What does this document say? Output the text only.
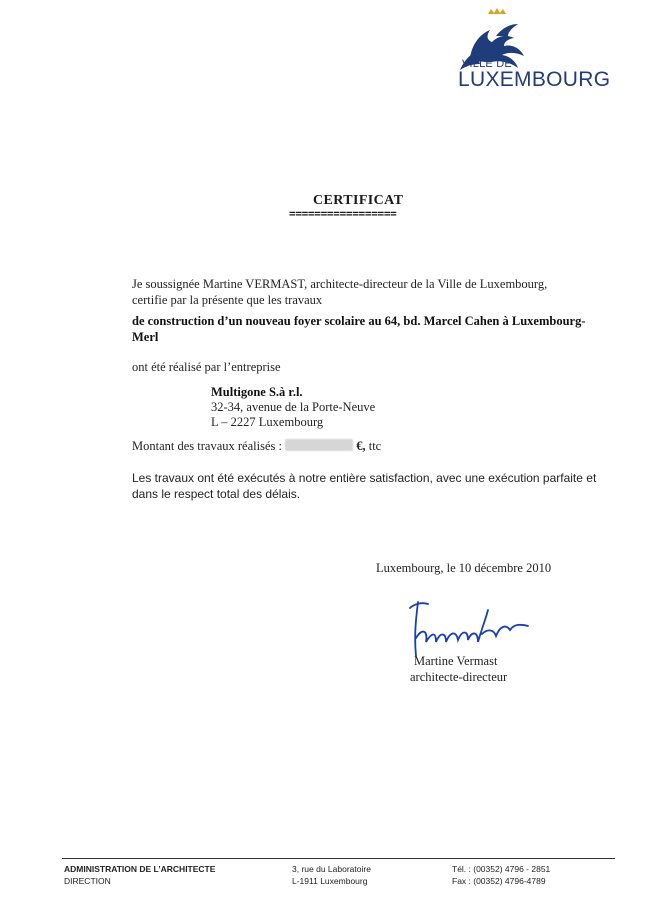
VILLE DE
LUXEMBOURG
CERTIFICAT
=================
Je soussignée Martine VERMAST, architecte-directeur de la Ville de Luxembourg,
certifie par la présente que les travaux
de construction d’un nouveau foyer scolaire au 64, bd. Marcel Cahen à Luxembourg-Merl
ont été réalisé par l’entreprise
Multigone S.à r.l.
32-34, avenue de la Porte-Neuve
L – 2227 Luxembourg
Montant des travaux réalisés :	€, ttc
Les travaux ont été exécutés à notre entière satisfaction, avec une exécution parfaite et dans le respect total des délais.
Luxembourg, le 10 décembre 2010
Martine Vermast
architecte-directeur
ADMINISTRATION DE L’ARCHITECTE
DIRECTION
3, rue du Laboratoire
L-1911 Luxembourg
Tél. : (00352) 4796 - 2851
Fax : (00352) 4796-4789
